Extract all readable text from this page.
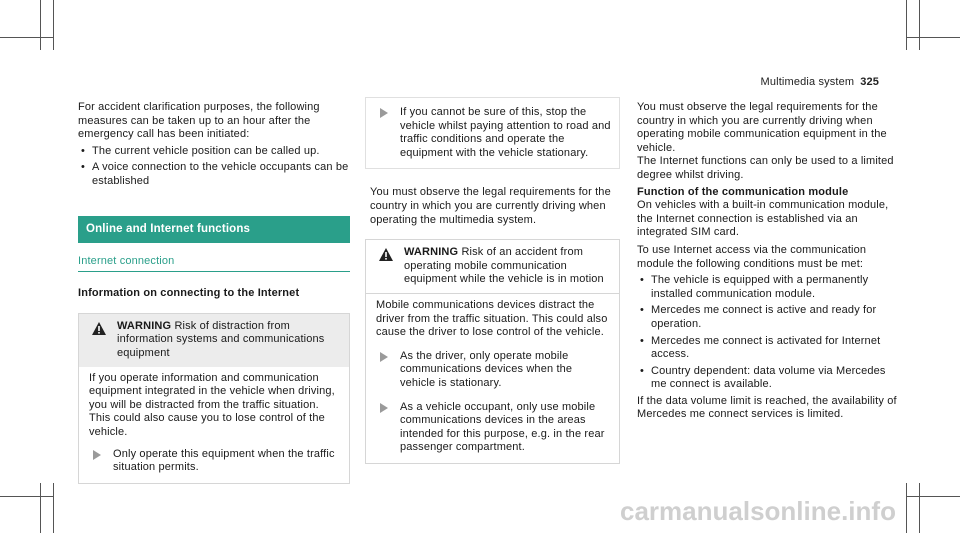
Multimedia system 325

For accident clarification purposes, the following measures can be taken up to an hour after the emergency call has been initiated:

• The current vehicle position can be called up.
• A voice connection to the vehicle occupants can be established
Online and Internet functions
Internet connection

Information on connecting to the Internet

WARNING Risk of distraction from information systems and communications equipment

If you operate information and communication equipment integrated in the vehicle when driving, you will be distracted from the traffic situation. This could also cause you to lose control of the vehicle.

Only operate this equipment when the traffic situation permits.
If you cannot be sure of this, stop the vehicle whilst paying attention to road and traffic conditions and operate the equipment with the vehicle stationary.

You must observe the legal requirements for the country in which you are currently driving when operating the multimedia system.

WARNING Risk of an accident from operating mobile communication equipment while the vehicle is in motion

Mobile communications devices distract the driver from the traffic situation. This could also cause the driver to lose control of the vehicle.

As the driver, only operate mobile communications devices when the vehicle is stationary.
As a vehicle occupant, only use mobile communications devices in the areas intended for this purpose, e.g. in the rear passenger compartment.

You must observe the legal requirements for the country in which you are currently driving when operating mobile communication equipment in the vehicle.

The Internet functions can only be used to a limited degree whilst driving.

Function of the communication module

On vehicles with a built-in communication module, the Internet connection is established via an integrated SIM card.

To use Internet access via the communication module the following conditions must be met:

• The vehicle is equipped with a permanently installed communication module.
• Mercedes me connect is active and ready for operation.
• Mercedes me connect is activated for Internet access.
• Country dependent: data volume via Mercedes me connect is available.

If the data volume limit is reached, the availability of Mercedes me connect services is limited.

carmanualsonline.info
